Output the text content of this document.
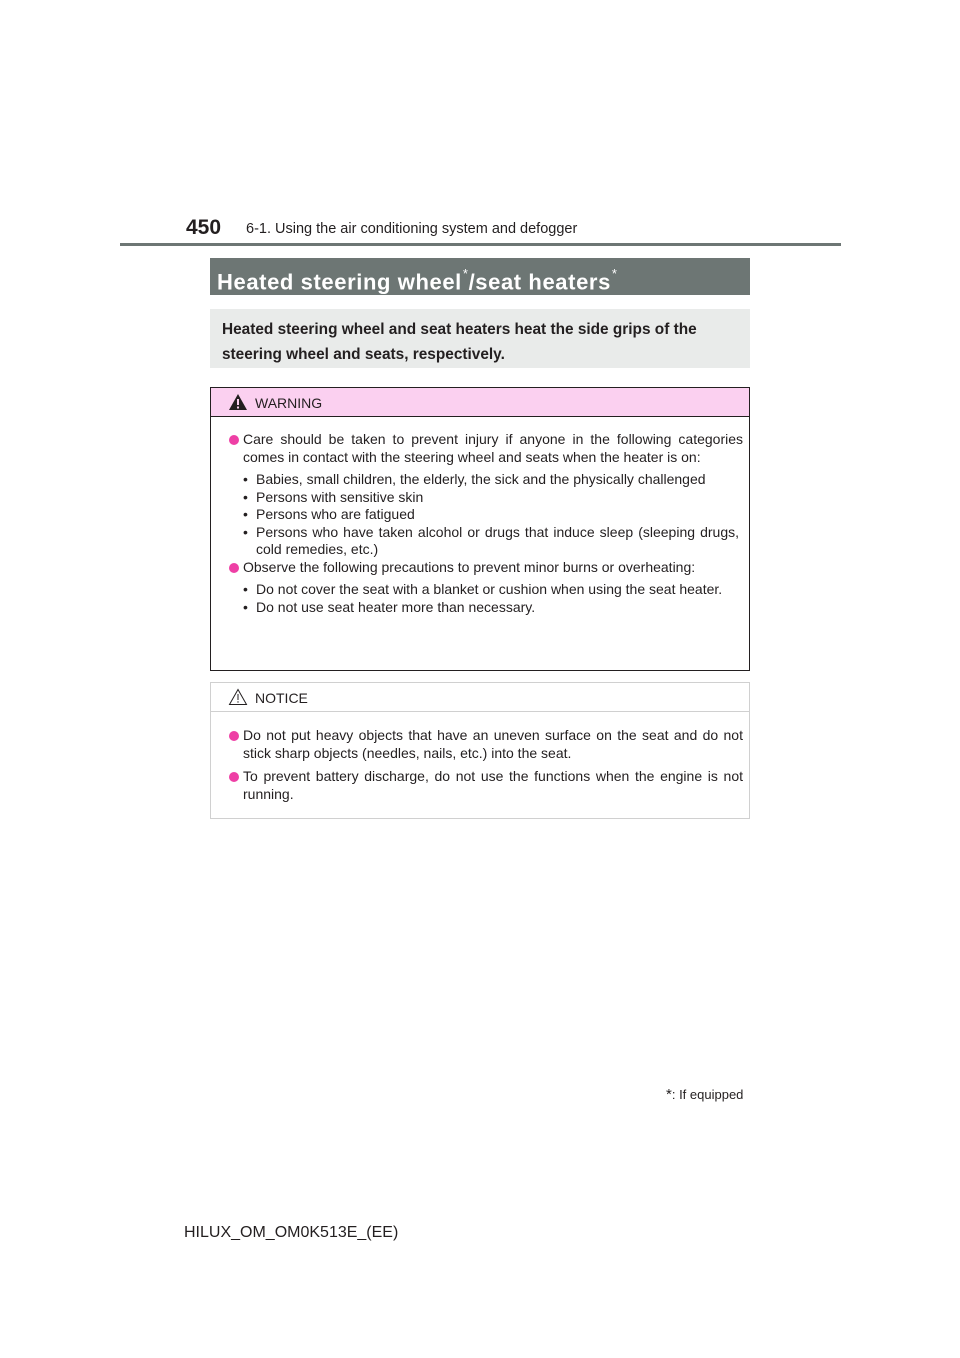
450 6-1. Using the air conditioning system and defogger
Heated steering wheel*/seat heaters*
Heated steering wheel and seat heaters heat the side grips of the steering wheel and seats, respectively.
WARNING
Care should be taken to prevent injury if anyone in the following categories comes in contact with the steering wheel and seats when the heater is on:
• Babies, small children, the elderly, the sick and the physically challenged
• Persons with sensitive skin
• Persons who are fatigued
• Persons who have taken alcohol or drugs that induce sleep (sleeping drugs, cold remedies, etc.)
Observe the following precautions to prevent minor burns or overheating:
• Do not cover the seat with a blanket or cushion when using the seat heater.
• Do not use seat heater more than necessary.
NOTICE
Do not put heavy objects that have an uneven surface on the seat and do not stick sharp objects (needles, nails, etc.) into the seat.
To prevent battery discharge, do not use the functions when the engine is not running.
*: If equipped
HILUX_OM_OM0K513E_(EE)
